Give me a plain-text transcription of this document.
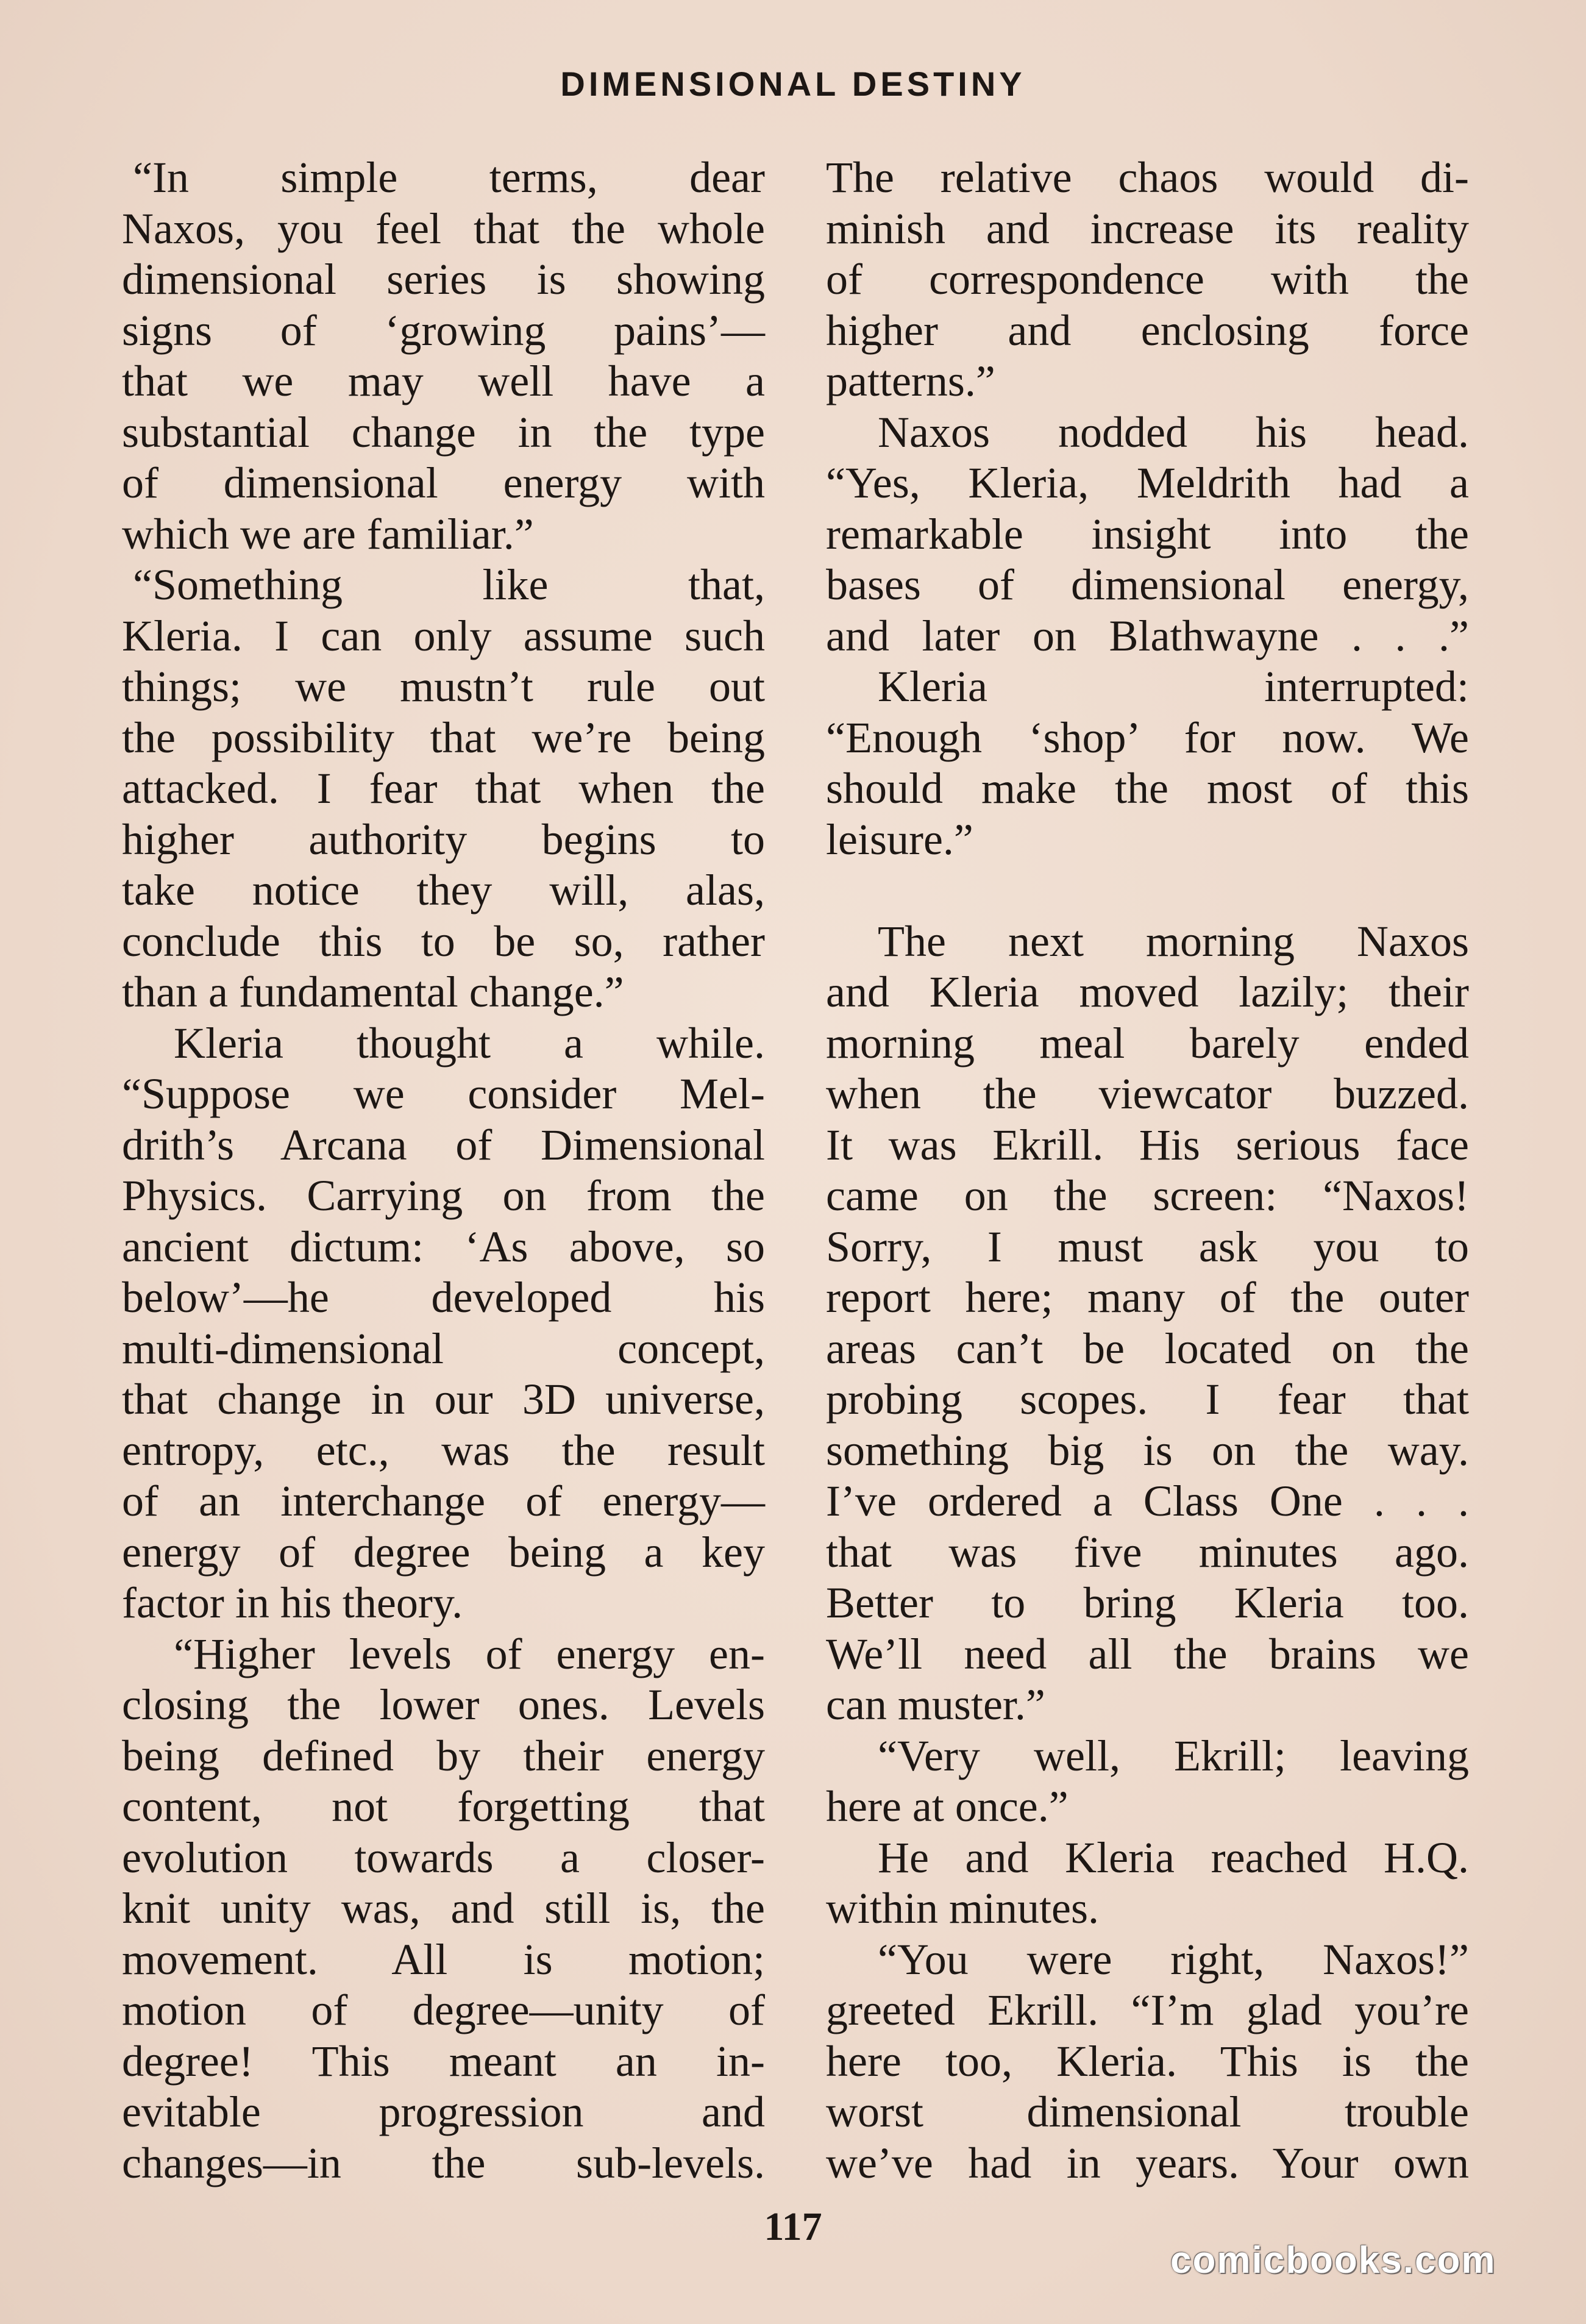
DIMENSIONAL DESTINY
“In simple terms, dear
Naxos, you feel that the whole
dimensional series is showing
signs of ‘growing pains’—
that we may well have a
substantial change in the type
of dimensional energy with
which we are familiar.”
“Something like that,
Kleria. I can only assume such
things; we mustn’t rule out
the possibility that we’re being
attacked. I fear that when the
higher authority begins to
take notice they will, alas,
conclude this to be so, rather
than a fundamental change.”
Kleria thought a while.
“Suppose we consider Mel-
drith’s Arcana of Dimensional
Physics. Carrying on from the
ancient dictum: ‘As above, so
below’—he developed his
multi-dimensional concept,
that change in our 3D universe,
entropy, etc., was the result
of an interchange of energy—
energy of degree being a key
factor in his theory.
“Higher levels of energy en-
closing the lower ones. Levels
being defined by their energy
content, not forgetting that
evolution towards a closer-
knit unity was, and still is, the
movement. All is motion;
motion of degree—unity of
degree! This meant an in-
evitable progression and
changes—in the sub-levels.
The relative chaos would di-
minish and increase its reality
of correspondence with the
higher and enclosing force
patterns.”
Naxos nodded his head.
“Yes, Kleria, Meldrith had a
remarkable insight into the
bases of dimensional energy,
and later on Blathwayne . . .”
Kleria interrupted:
“Enough ‘shop’ for now. We
should make the most of this
leisure.”
The next morning Naxos
and Kleria moved lazily; their
morning meal barely ended
when the viewcator buzzed.
It was Ekrill. His serious face
came on the screen: “Naxos!
Sorry, I must ask you to
report here; many of the outer
areas can’t be located on the
probing scopes. I fear that
something big is on the way.
I’ve ordered a Class One . . .
that was five minutes ago.
Better to bring Kleria too.
We’ll need all the brains we
can muster.”
“Very well, Ekrill; leaving
here at once.”
He and Kleria reached H.Q.
within minutes.
“You were right, Naxos!”
greeted Ekrill. “I’m glad you’re
here too, Kleria. This is the
worst dimensional trouble
we’ve had in years. Your own
117
comicbooks.com
